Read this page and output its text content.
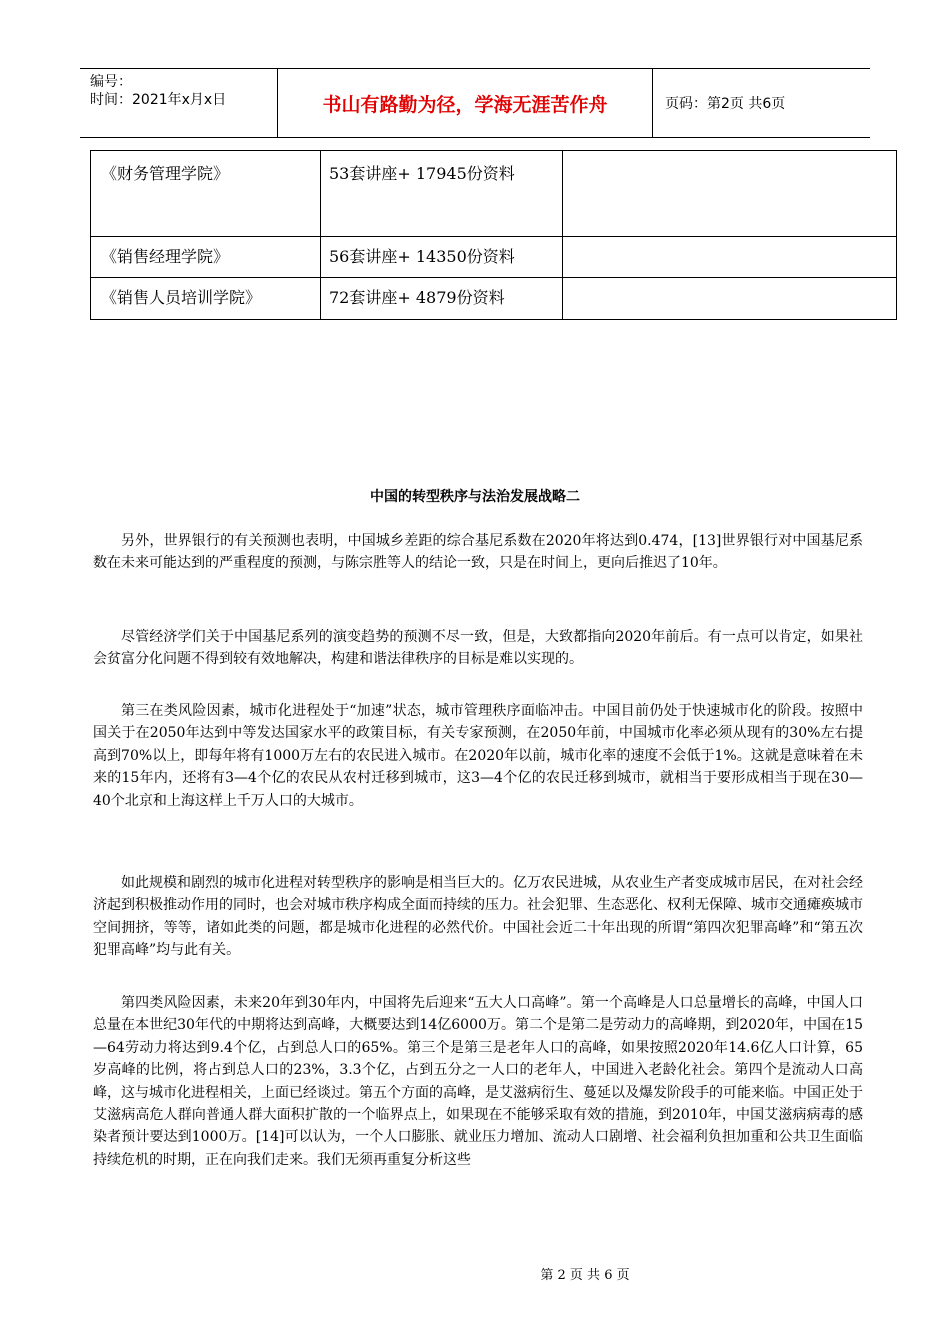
编号：
时间：2021年x月x日	书山有路勤为径，学海无涯苦作舟	页码：第2页 共6页
《财务管理学院》	53套讲座+ 17945份资料	
《销售经理学院》	56套讲座+ 14350份资料	
《销售人员培训学院》	72套讲座+ 4879份资料	
中国的转型秩序与法治发展战略二

另外，世界银行的有关预测也表明，中国城乡差距的综合基尼系数在2020年将达到0.474，[13]世界银行对中国基尼系数在未来可能达到的严重程度的预测，与陈宗胜等人的结论一致，只是在时间上，更向后推迟了10年。

尽管经济学们关于中国基尼系列的演变趋势的预测不尽一致，但是，大致都指向2020年前后。有一点可以肯定，如果社会贫富分化问题不得到较有效地解决，构建和谐法律秩序的目标是难以实现的。

第三在类风险因素，城市化进程处于“加速”状态，城市管理秩序面临冲击。中国目前仍处于快速城市化的阶段。按照中国关于在2050年达到中等发达国家水平的政策目标，有关专家预测，在2050年前，中国城市化率必须从现有的30%左右提高到70%以上，即每年将有1000万左右的农民进入城市。在2020年以前，城市化率的速度不会低于1%。这就是意味着在未来的15年内，还将有3—4个亿的农民从农村迁移到城市，这3—4个亿的农民迁移到城市，就相当于要形成相当于现在30—40个北京和上海这样上千万人口的大城市。

如此规模和剧烈的城市化进程对转型秩序的影响是相当巨大的。亿万农民进城，从农业生产者变成城市居民，在对社会经济起到积极推动作用的同时，也会对城市秩序构成全面而持续的压力。社会犯罪、生态恶化、权利无保障、城市交通瘫痪城市空间拥挤，等等，诸如此类的问题，都是城市化进程的必然代价。中国社会近二十年出现的所谓“第四次犯罪高峰”和“第五次犯罪高峰”均与此有关。

第四类风险因素，未来20年到30年内，中国将先后迎来“五大人口高峰”。第一个高峰是人口总量增长的高峰，中国人口总量在本世纪30年代的中期将达到高峰，大概要达到14亿6000万。第二个是第二是劳动力的高峰期，到2020年，中国在15—64劳动力将达到9.4个亿，占到总人口的65%。第三个是第三是老年人口的高峰，如果按照2020年14.6亿人口计算，65岁高峰的比例，将占到总人口的23%，3.3个亿，占到五分之一人口的老年人，中国进入老龄化社会。第四个是流动人口高峰，这与城市化进程相关，上面已经谈过。第五个方面的高峰，是艾滋病衍生、蔓延以及爆发阶段手的可能来临。中国正处于艾滋病高危人群向普通人群大面积扩散的一个临界点上，如果现在不能够采取有效的措施，到2010年，中国艾滋病病毒的感染者预计要达到1000万。[14]可以认为，一个人口膨胀、就业压力增加、流动人口剧增、社会福利负担加重和公共卫生面临持续危机的时期，正在向我们走来。我们无须再重复分析这些

第 2 页 共 6 页
